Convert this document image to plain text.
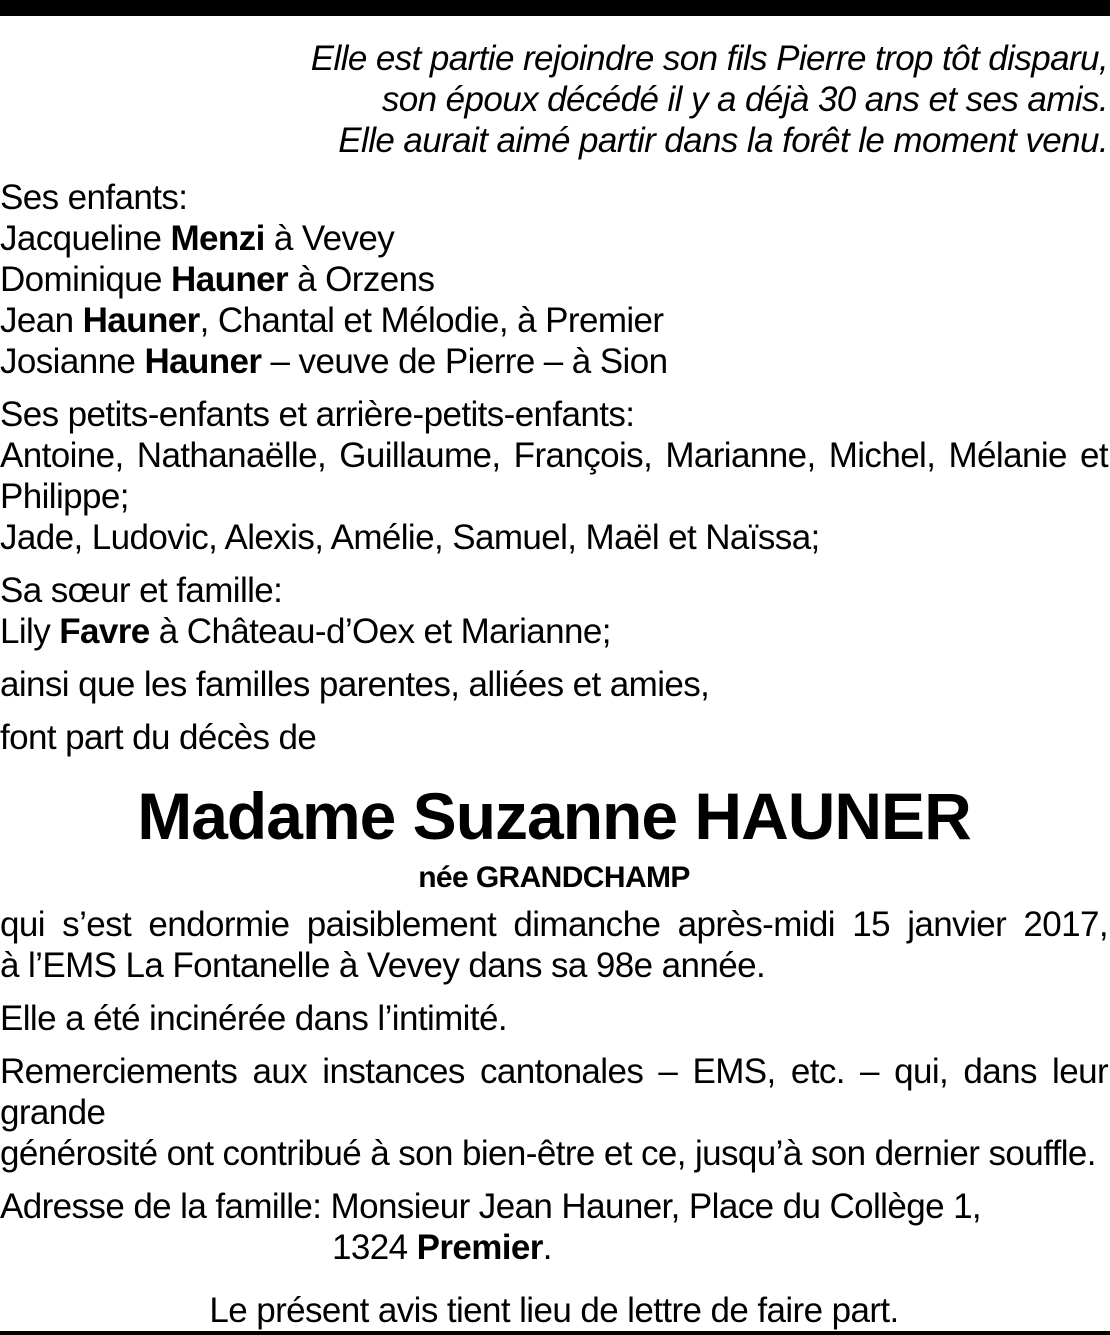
Elle est partie rejoindre son fils Pierre trop tôt disparu,
son époux décédé il y a déjà 30 ans et ses amis.
Elle aurait aimé partir dans la forêt le moment venu.
Ses enfants:
Jacqueline Menzi à Vevey
Dominique Hauner à Orzens
Jean Hauner, Chantal et Mélodie, à Premier
Josianne Hauner – veuve de Pierre – à Sion
Ses petits-enfants et arrière-petits-enfants:
Antoine, Nathanaëlle, Guillaume, François, Marianne, Michel, Mélanie et
Philippe;
Jade, Ludovic, Alexis, Amélie, Samuel, Maël et Naïssa;
Sa sœur et famille:
Lily Favre à Château-d’Oex et Marianne;
ainsi que les familles parentes, alliées et amies,
font part du décès de
Madame Suzanne HAUNER
née GRANDCHAMP
qui s’est endormie paisiblement dimanche après-midi 15 janvier 2017,
à l’EMS La Fontanelle à Vevey dans sa 98e année.
Elle a été incinérée dans l’intimité.
Remerciements aux instances cantonales – EMS, etc. – qui, dans leur grande
générosité ont contribué à son bien-être et ce, jusqu’à son dernier souffle.
Adresse de la famille: Monsieur Jean Hauner, Place du Collège 1,
1324 Premier.
Le présent avis tient lieu de lettre de faire part.
